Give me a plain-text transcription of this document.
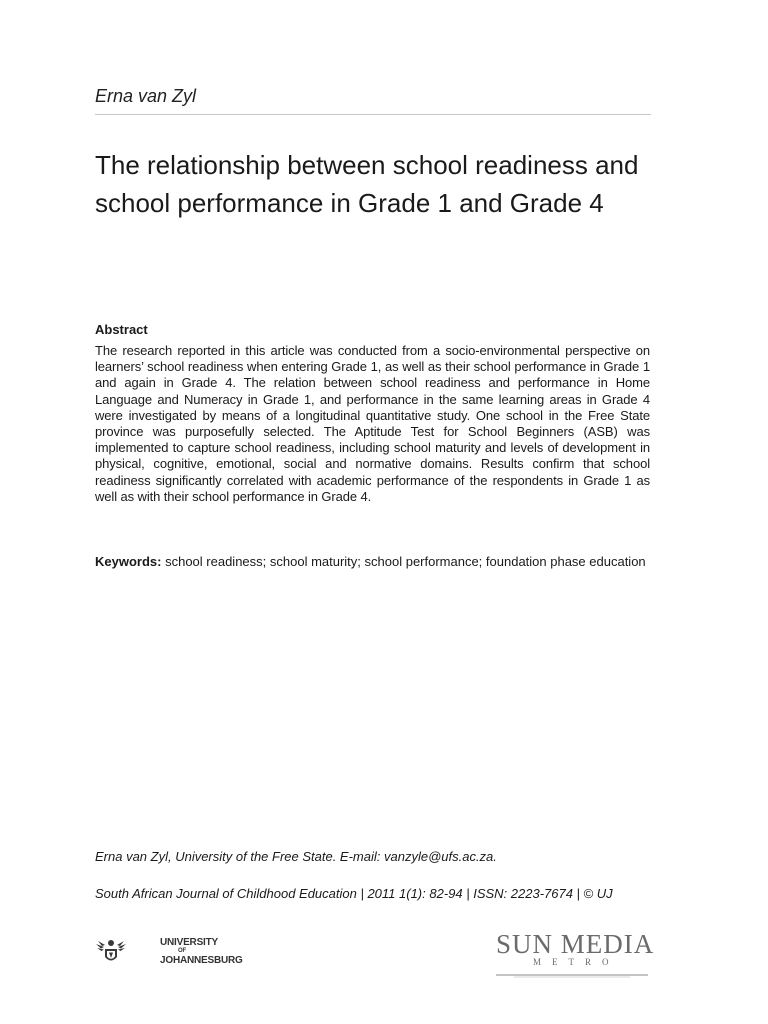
Erna van Zyl
The relationship between school readiness and school performance in Grade 1 and Grade 4
Abstract
The research reported in this article was conducted from a socio-environmental perspective on learners’ school readiness when entering Grade 1, as well as their school performance in Grade 1 and again in Grade 4. The relation between school readiness and performance in Home Language and Numeracy in Grade 1, and performance in the same learning areas in Grade 4 were investigated by means of a longitudinal quantitative study. One school in the Free State province was purposefully selected. The Aptitude Test for School Beginners (ASB) was implemented to capture school readiness, including school maturity and levels of development in physical, cognitive, emotional, social and normative domains. Results confirm that school readiness significantly correlated with academic performance of the respondents in Grade 1 as well as with their school performance in Grade 4.
Keywords: school readiness; school maturity; school performance; foundation phase education
Erna van Zyl, University of the Free State. E-mail: vanzyle@ufs.ac.za.
South African Journal of Childhood Education | 2011 1(1): 82-94 | ISSN: 2223-7674 | © UJ
UNIVERSITY
OF
JOHANNESBURG
SUN MEDIA
METRO
